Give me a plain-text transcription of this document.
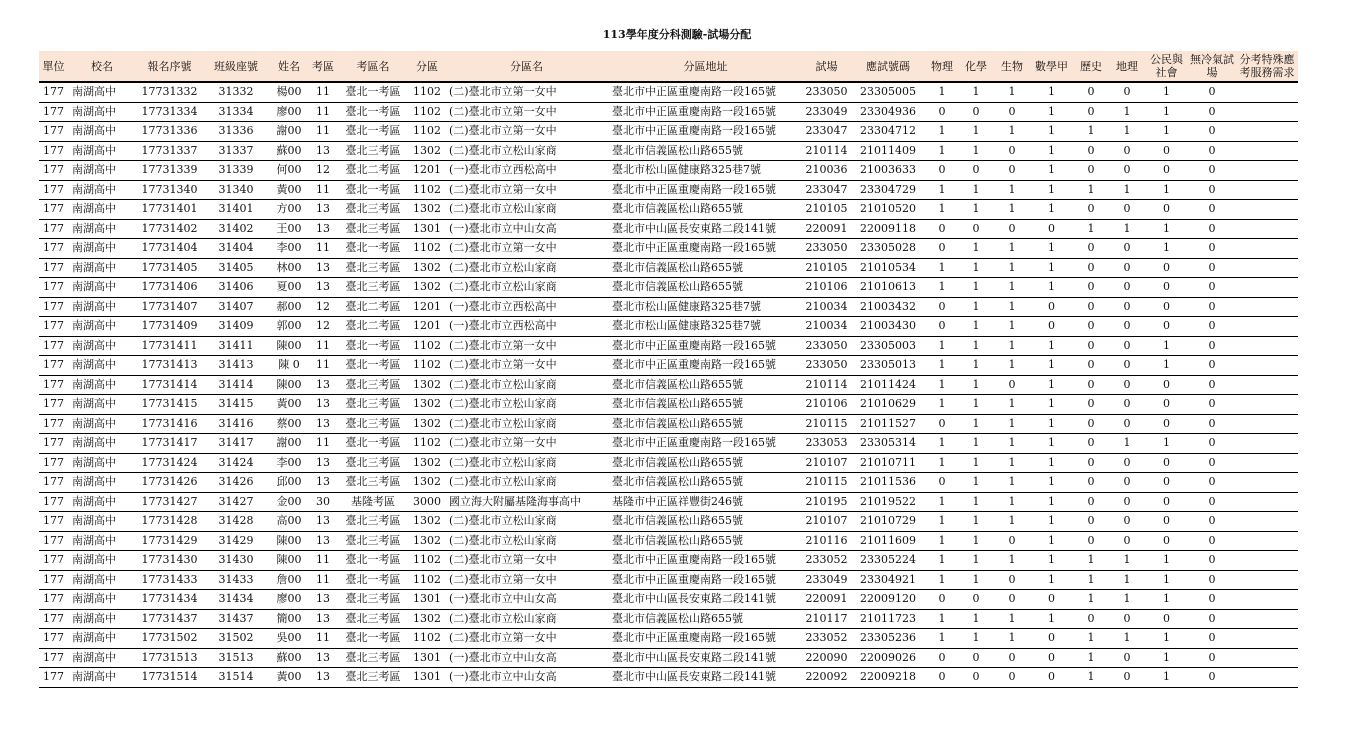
113學年度分科測驗-試場分配
單位	校名	報名序號	班級座號	姓名	考區	考區名	分區	分區名	分區地址	試場	應試號碼	物理	化學	生物	數學甲	歷史	地理	公民與社會	無冷氣試場	分考特殊應考服務需求
177	南湖高中	17731332	31332	楊00	11	臺北一考區	1102	(二)臺北市立第一女中	臺北市中正區重慶南路一段165號	233050	23305005	1	1	1	1	0	0	1	0	
177	南湖高中	17731334	31334	廖00	11	臺北一考區	1102	(二)臺北市立第一女中	臺北市中正區重慶南路一段165號	233049	23304936	0	0	0	1	0	1	1	0	
177	南湖高中	17731336	31336	謝00	11	臺北一考區	1102	(二)臺北市立第一女中	臺北市中正區重慶南路一段165號	233047	23304712	1	1	1	1	1	1	1	0	
177	南湖高中	17731337	31337	蘇00	13	臺北三考區	1302	(二)臺北市立松山家商	臺北市信義區松山路655號	210114	21011409	1	1	0	1	0	0	0	0	
177	南湖高中	17731339	31339	何00	12	臺北二考區	1201	(一)臺北市立西松高中	臺北市松山區健康路325巷7號	210036	21003633	0	0	0	1	0	0	0	0	
177	南湖高中	17731340	31340	黃00	11	臺北一考區	1102	(二)臺北市立第一女中	臺北市中正區重慶南路一段165號	233047	23304729	1	1	1	1	1	1	1	0	
177	南湖高中	17731401	31401	方00	13	臺北三考區	1302	(二)臺北市立松山家商	臺北市信義區松山路655號	210105	21010520	1	1	1	1	0	0	0	0	
177	南湖高中	17731402	31402	王00	13	臺北三考區	1301	(一)臺北市立中山女高	臺北市中山區長安東路二段141號	220091	22009118	0	0	0	0	1	1	1	0	
177	南湖高中	17731404	31404	李00	11	臺北一考區	1102	(二)臺北市立第一女中	臺北市中正區重慶南路一段165號	233050	23305028	0	1	1	1	0	0	1	0	
177	南湖高中	17731405	31405	林00	13	臺北三考區	1302	(二)臺北市立松山家商	臺北市信義區松山路655號	210105	21010534	1	1	1	1	0	0	0	0	
177	南湖高中	17731406	31406	夏00	13	臺北三考區	1302	(二)臺北市立松山家商	臺北市信義區松山路655號	210106	21010613	1	1	1	1	0	0	0	0	
177	南湖高中	17731407	31407	郝00	12	臺北二考區	1201	(一)臺北市立西松高中	臺北市松山區健康路325巷7號	210034	21003432	0	1	1	0	0	0	0	0	
177	南湖高中	17731409	31409	郭00	12	臺北二考區	1201	(一)臺北市立西松高中	臺北市松山區健康路325巷7號	210034	21003430	0	1	1	0	0	0	0	0	
177	南湖高中	17731411	31411	陳00	11	臺北一考區	1102	(二)臺北市立第一女中	臺北市中正區重慶南路一段165號	233050	23305003	1	1	1	1	0	0	1	0	
177	南湖高中	17731413	31413	陳 0	11	臺北一考區	1102	(二)臺北市立第一女中	臺北市中正區重慶南路一段165號	233050	23305013	1	1	1	1	0	0	1	0	
177	南湖高中	17731414	31414	陳00	13	臺北三考區	1302	(二)臺北市立松山家商	臺北市信義區松山路655號	210114	21011424	1	1	0	1	0	0	0	0	
177	南湖高中	17731415	31415	黃00	13	臺北三考區	1302	(二)臺北市立松山家商	臺北市信義區松山路655號	210106	21010629	1	1	1	1	0	0	0	0	
177	南湖高中	17731416	31416	蔡00	13	臺北三考區	1302	(二)臺北市立松山家商	臺北市信義區松山路655號	210115	21011527	0	1	1	1	0	0	0	0	
177	南湖高中	17731417	31417	謝00	11	臺北一考區	1102	(二)臺北市立第一女中	臺北市中正區重慶南路一段165號	233053	23305314	1	1	1	1	0	1	1	0	
177	南湖高中	17731424	31424	李00	13	臺北三考區	1302	(二)臺北市立松山家商	臺北市信義區松山路655號	210107	21010711	1	1	1	1	0	0	0	0	
177	南湖高中	17731426	31426	邱00	13	臺北三考區	1302	(二)臺北市立松山家商	臺北市信義區松山路655號	210115	21011536	0	1	1	1	0	0	0	0	
177	南湖高中	17731427	31427	金00	30	基隆考區	3000	國立海大附屬基隆海事高中	基隆市中正區祥豐街246號	210195	21019522	1	1	1	1	0	0	0	0	
177	南湖高中	17731428	31428	高00	13	臺北三考區	1302	(二)臺北市立松山家商	臺北市信義區松山路655號	210107	21010729	1	1	1	1	0	0	0	0	
177	南湖高中	17731429	31429	陳00	13	臺北三考區	1302	(二)臺北市立松山家商	臺北市信義區松山路655號	210116	21011609	1	1	0	1	0	0	0	0	
177	南湖高中	17731430	31430	陳00	11	臺北一考區	1102	(二)臺北市立第一女中	臺北市中正區重慶南路一段165號	233052	23305224	1	1	1	1	1	1	1	0	
177	南湖高中	17731433	31433	詹00	11	臺北一考區	1102	(二)臺北市立第一女中	臺北市中正區重慶南路一段165號	233049	23304921	1	1	0	1	1	1	1	0	
177	南湖高中	17731434	31434	廖00	13	臺北三考區	1301	(一)臺北市立中山女高	臺北市中山區長安東路二段141號	220091	22009120	0	0	0	0	1	1	1	0	
177	南湖高中	17731437	31437	簡00	13	臺北三考區	1302	(二)臺北市立松山家商	臺北市信義區松山路655號	210117	21011723	1	1	1	1	0	0	0	0	
177	南湖高中	17731502	31502	吳00	11	臺北一考區	1102	(二)臺北市立第一女中	臺北市中正區重慶南路一段165號	233052	23305236	1	1	1	0	1	1	1	0	
177	南湖高中	17731513	31513	蘇00	13	臺北三考區	1301	(一)臺北市立中山女高	臺北市中山區長安東路二段141號	220090	22009026	0	0	0	0	1	0	1	0	
177	南湖高中	17731514	31514	黃00	13	臺北三考區	1301	(一)臺北市立中山女高	臺北市中山區長安東路二段141號	220092	22009218	0	0	0	0	1	0	1	0	
